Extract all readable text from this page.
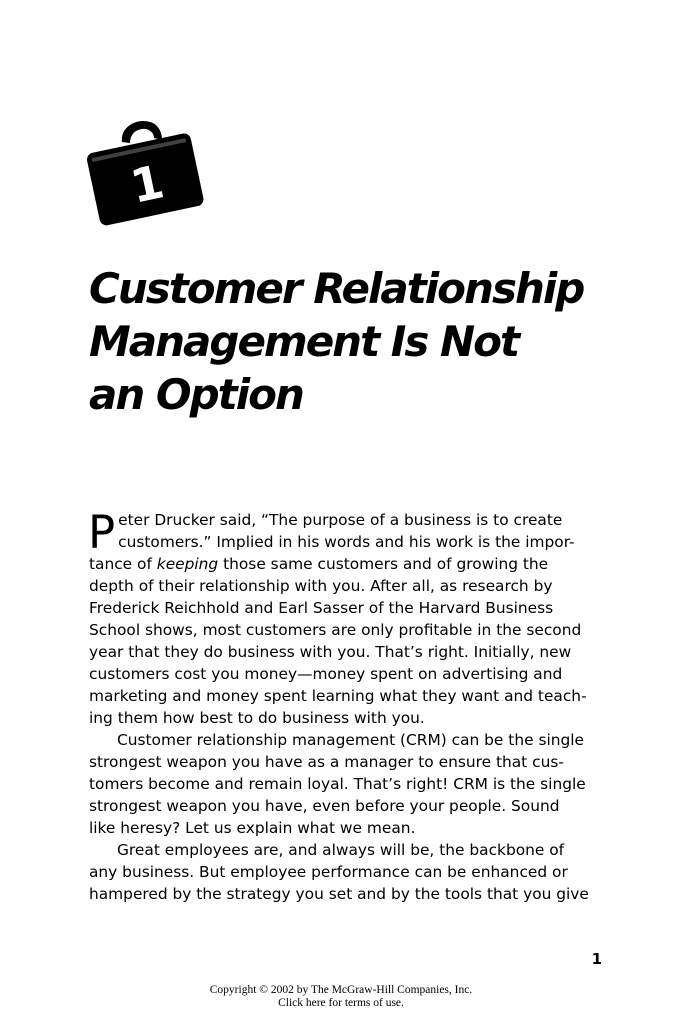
1
Customer Relationship
Management Is Not
an Option

P eter Drucker said, “The purpose of a business is to create
customers.” Implied in his words and his work is the impor-
tance of keeping those same customers and of growing the
depth of their relationship with you. After all, as research by
Frederick Reichhold and Earl Sasser of the Harvard Business
School shows, most customers are only profitable in the second
year that they do business with you. That’s right. Initially, new
customers cost you money—money spent on advertising and
marketing and money spent learning what they want and teach-
ing them how best to do business with you.

Customer relationship management (CRM) can be the single
strongest weapon you have as a manager to ensure that cus-
tomers become and remain loyal. That’s right! CRM is the single
strongest weapon you have, even before your people. Sound
like heresy? Let us explain what we mean.

Great employees are, and always will be, the backbone of
any business. But employee performance can be enhanced or
hampered by the strategy you set and by the tools that you give

1
Copyright © 2002 by The McGraw-Hill Companies, Inc.
Click here for terms of use.
